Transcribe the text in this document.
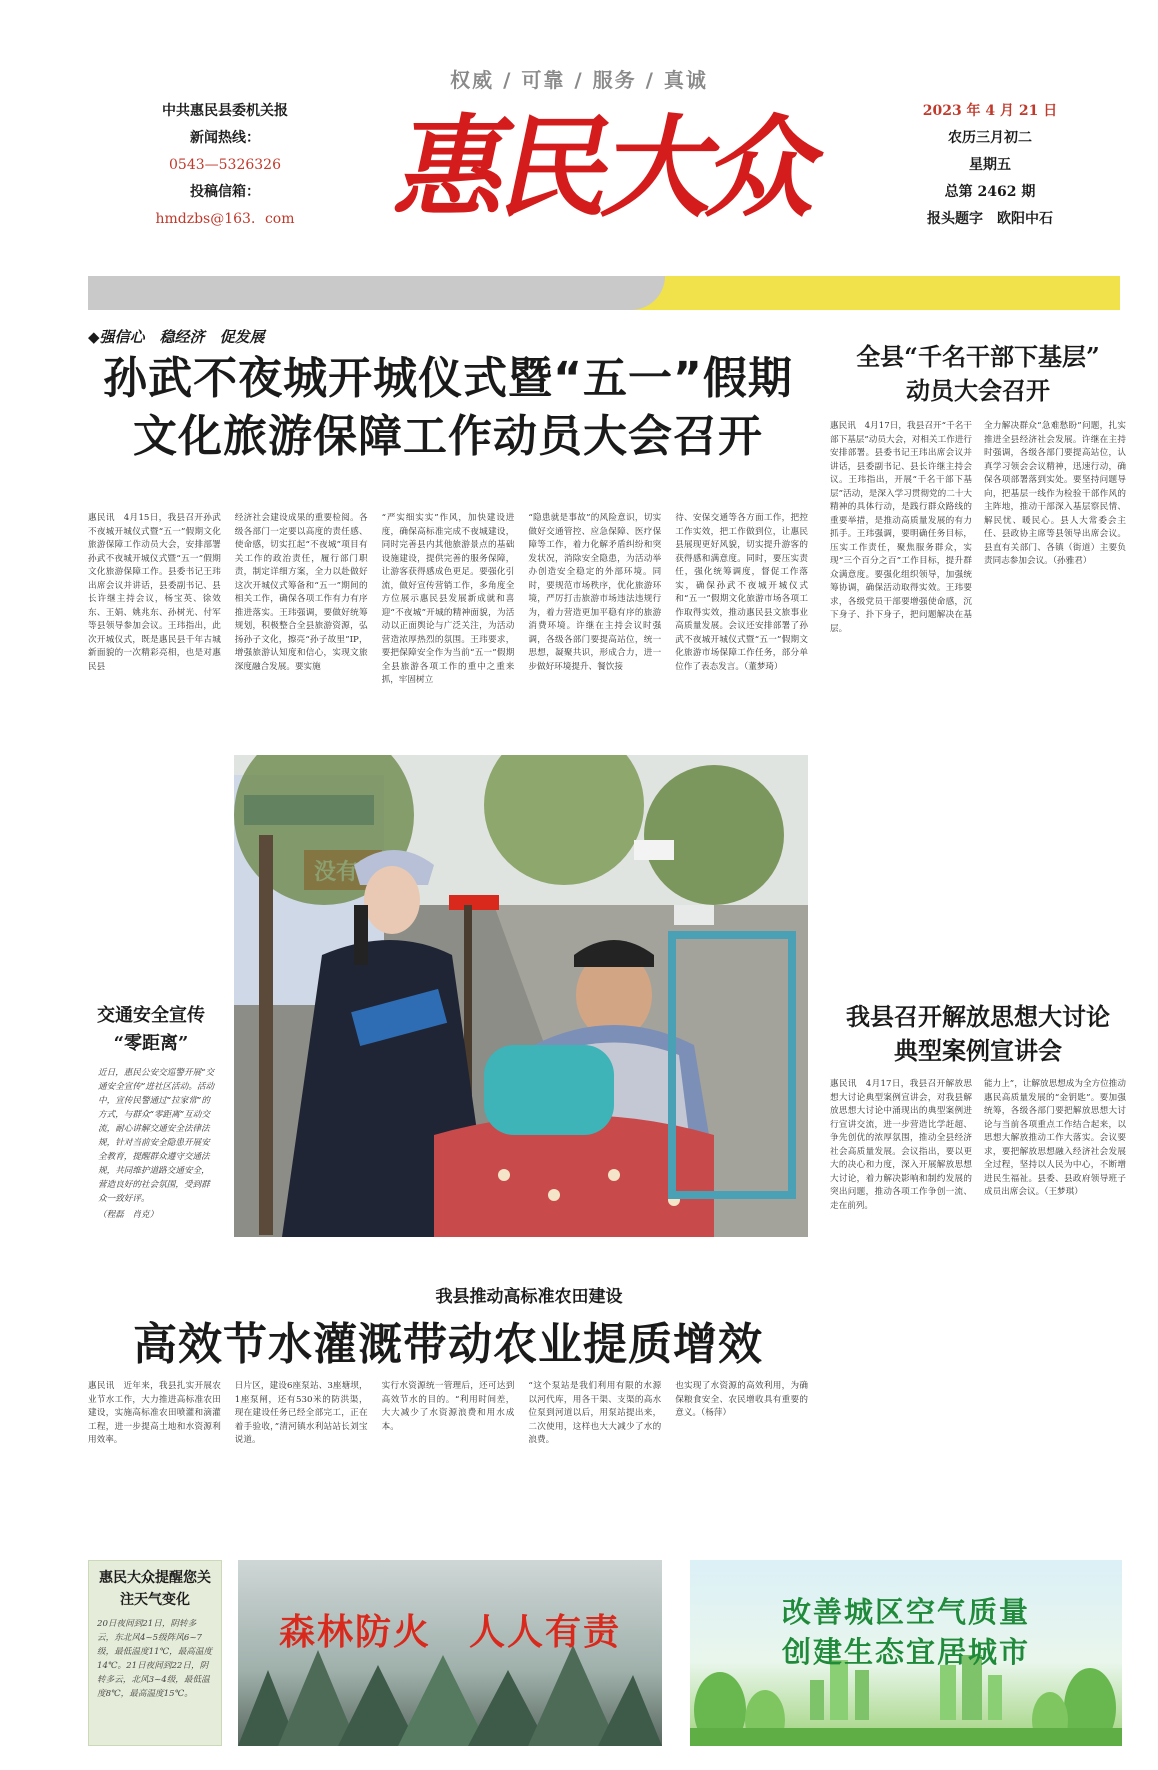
权威 / 可靠 / 服务 / 真诚
中共惠民县委机关报
新闻热线：
0543—5326326
投稿信箱：
hmdzbs@163．com 惠民大众	2023 年 4 月 21 日
农历三月初二
星期五
总第 2462 期
报头题字　欧阳中石
◆强信心　稳经济　促发展
孙武不夜城开城仪式暨“五一”假期
文化旅游保障工作动员大会召开
惠民讯　4月15日，我县召开孙武不夜城开城仪式暨“五一”假期文化旅游保障工作动员大会，安排部署孙武不夜城开城仪式暨“五一”假期文化旅游保障工作。县委书记王玮出席会议并讲话，县委副书记、县长许继主持会议，杨宝英、徐效东、王娟、姚兆东、孙树光、付军等县领导参加会议。王玮指出，此次开城仪式，既是惠民县千年古城新面貌的一次精彩亮相，也是对惠民县
经济社会建设成果的重要检阅。各级各部门一定要以高度的责任感、使命感，切实扛起“不夜城”项目有关工作的政治责任，履行部门职责，制定详细方案，全力以赴做好这次开城仪式筹备和“五一”期间的相关工作，确保各项工作有力有序推进落实。王玮强调，要做好统筹规划，积极整合全县旅游资源，弘扬孙子文化，擦亮“孙子故里”IP，增强旅游认知度和信心，实现文旅深度融合发展。要实施
“严实细实实”作风，加快建设进度，确保高标准完成不夜城建设，同时完善县内其他旅游景点的基础设施建设，提供完善的服务保障，让游客获得感成色更足。要强化引流，做好宣传营销工作，多角度全方位展示惠民县发展新成就和喜迎“不夜城”开城的精神面貌，为活动以正面舆论与广泛关注，为活动营造浓厚热烈的氛围。王玮要求，要把保障安全作为当前“五一”假期全县旅游各项工作的重中之重来抓，牢固树立
“隐患就是事故”的风险意识，切实做好交通管控、应急保障、医疗保障等工作，着力化解矛盾纠纷和突发状况，消除安全隐患，为活动举办创造安全稳定的外部环境。同时，要规范市场秩序，优化旅游环境，严厉打击旅游市场违法违规行为，着力营造更加平稳有序的旅游消费环境。许继在主持会议时强调，各级各部门要提高站位，统一思想，凝聚共识，形成合力，进一步做好环境提升、餐饮接
待、安保交通等各方面工作，把控工作实效，把工作做到位，让惠民县展现更好风貌，切实提升游客的获得感和满意度。同时，要压实责任，强化统筹调度，督促工作落实，确保孙武不夜城开城仪式和“五一”假期文化旅游市场各项工作取得实效，推动惠民县文旅事业高质量发展。会议还安排部署了孙武不夜城开城仪式暨“五一”假期文化旅游市场保障工作任务，部分单位作了表态发言。（董梦琦）
交通安全宣传
“零距离”
近日，惠民公安交巡警开展“交通安全宣传”进社区活动。活动中，宣传民警通过“拉家常”的方式，与群众“零距离”互动交流，耐心讲解交通安全法律法规，针对当前安全隐患开展安全教育，提醒群众遵守交通法规，共同维护道路交通安全，营造良好的社会氛围，受到群众一致好评。
（程磊　肖克）
我县推动高标准农田建设
高效节水灌溉带动农业提质增效
惠民讯　近年来，我县扎实开展农业节水工作，大力推进高标准农田建设，实施高标准农田喷灌和滴灌工程，进一步提高土地和水资源利用效率。
日片区，建设6座泵站、3座塘坝，1座泵闸，还有530米的防洪渠，现在建设任务已经全部完工，正在着手验收，”清河镇水利站站长刘宝说道。
实行水资源统一管理后，还可达到高效节水的目的。“利用时间差，大大减少了水资源浪费和用水成本。
“这个泵站是我们利用有限的水源以河代库，用各干渠、支渠的高水位泵到河道以后，用泵站提出来，二次使用，这样也大大减少了水的浪费。
也实现了水资源的高效利用，为确保粮食安全、农民增收具有重要的意义。（杨萍）
全县“千名干部下基层”
动员大会召开
惠民讯　4月17日，我县召开“千名干部下基层”动员大会，对相关工作进行安排部署。县委书记王玮出席会议并讲话，县委副书记、县长许继主持会议。王玮指出，开展“千名干部下基层”活动，是深入学习贯彻党的二十大精神的具体行动，是践行群众路线的重要举措，是推动高质量发展的有力抓手。王玮强调，要明确任务目标，压实工作责任，聚焦服务群众，实现“三个百分之百”工作目标，提升群众满意度。要强化组织领导，加强统筹协调，确保活动取得实效。王玮要求，各级党员干部要增强使命感，沉下身子、扑下身子，把问题解决在基层。
全力解决群众“急难愁盼”问题，扎实推进全县经济社会发展。许继在主持时强调，各级各部门要提高站位，认真学习领会会议精神，迅速行动，确保各项部署落到实处。要坚持问题导向，把基层一线作为检验干部作风的主阵地，推动干部深入基层察民情、解民忧、暖民心。县人大常委会主任、县政协主席等县领导出席会议。县直有关部门、各镇（街道）主要负责同志参加会议。（孙雅君）
我县召开解放思想大讨论
典型案例宣讲会
惠民讯　4月17日，我县召开解放思想大讨论典型案例宣讲会，对我县解放思想大讨论中涌现出的典型案例进行宣讲交流，进一步营造比学赶超、争先创优的浓厚氛围，推动全县经济社会高质量发展。会议指出，要以更大的决心和力度，深入开展解放思想大讨论，着力解决影响和制约发展的突出问题，推动各项工作争创一流、走在前列。
能力上”，让解放思想成为全方位推动惠民高质量发展的“金钥匙”。要加强统筹，各级各部门要把解放思想大讨论与当前各项重点工作结合起来，以思想大解放推动工作大落实。会议要求，要把解放思想融入经济社会发展全过程，坚持以人民为中心，不断增进民生福祉。县委、县政府领导班子成员出席会议。（王梦琪）
惠民大众提醒您关注天气变化
20日夜间到21日，阴转多云，东北风4~5级阵风6~7级，最低温度11℃，最高温度14℃。21日夜间到22日，阴转多云，北风3~4级，最低温度8℃，最高温度15℃。
森林防火　人人有责	改善城区空气质量
创建生态宜居城市
